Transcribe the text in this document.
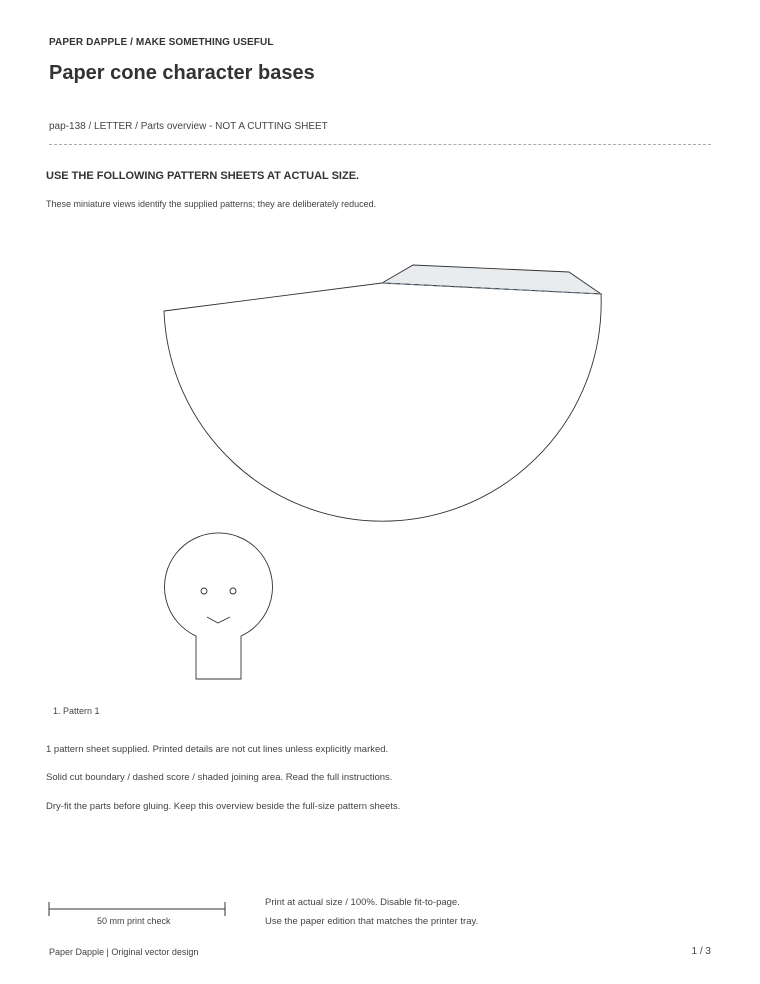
PAPER DAPPLE / MAKE SOMETHING USEFUL
Paper cone character bases
pap-138 / LETTER / Parts overview - NOT A CUTTING SHEET
USE THE FOLLOWING PATTERN SHEETS AT ACTUAL SIZE.
These miniature views identify the supplied patterns; they are deliberately reduced.
1. Pattern 1
1 pattern sheet supplied. Printed details are not cut lines unless explicitly marked.
Solid cut boundary / dashed score / shaded joining area. Read the full instructions.
Dry-fit the parts before gluing. Keep this overview beside the full-size pattern sheets.
Print at actual size / 100%. Disable fit-to-page.
Use the paper edition that matches the printer tray.
50 mm print check
Paper Dapple | Original vector design	1 / 3
